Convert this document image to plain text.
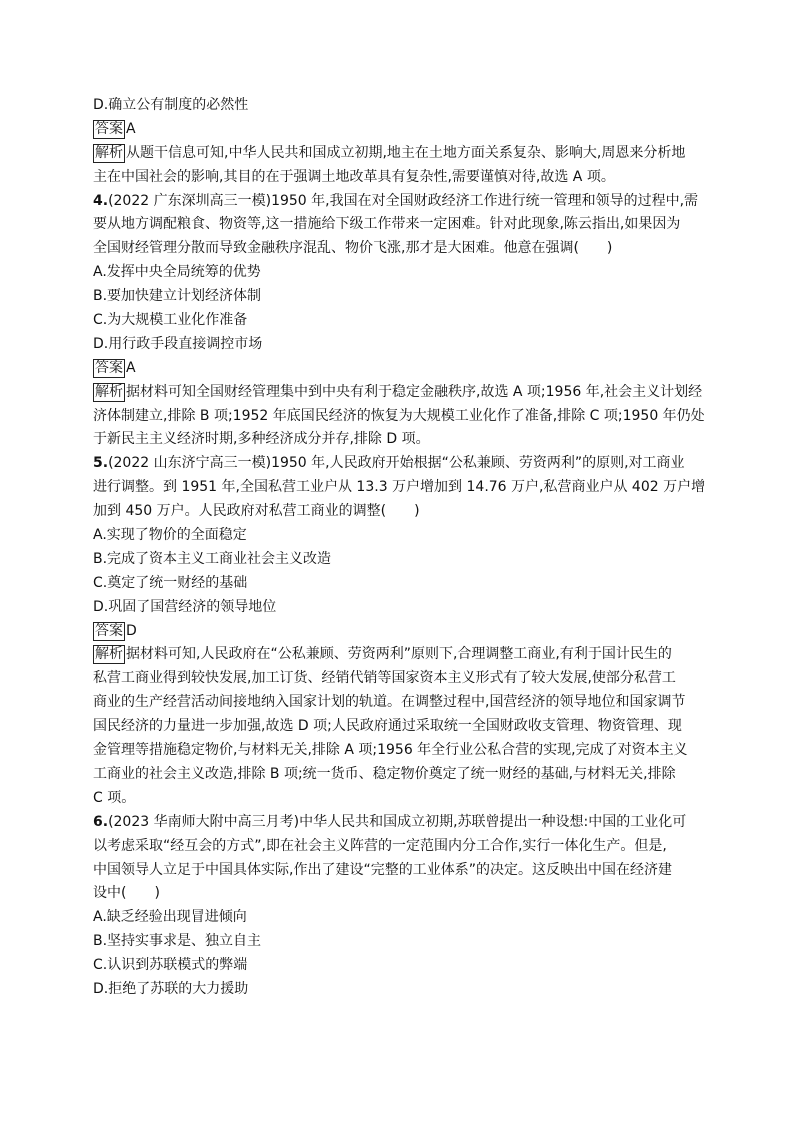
D.确立公有制度的必然性
答案 A
解析 从题干信息可知,中华人民共和国成立初期,地主在土地方面关系复杂、影响大,周恩来分析地
主在中国社会的影响,其目的在于强调土地改革具有复杂性,需要谨慎对待,故选 A 项。
4.(2022 广东深圳高三一模)1950 年,我国在对全国财政经济工作进行统一管理和领导的过程中,需
要从地方调配粮食、物资等,这一措施给下级工作带来一定困难。针对此现象,陈云指出,如果因为
全国财经管理分散而导致金融秩序混乱、物价飞涨,那才是大困难。他意在强调(　　)
A.发挥中央全局统筹的优势
B.要加快建立计划经济体制
C.为大规模工业化作准备
D.用行政手段直接调控市场
答案 A
解析 据材料可知全国财经管理集中到中央有利于稳定金融秩序,故选 A 项;1956 年,社会主义计划经
济体制建立,排除 B 项;1952 年底国民经济的恢复为大规模工业化作了准备,排除 C 项;1950 年仍处
于新民主主义经济时期,多种经济成分并存,排除 D 项。
5.(2022 山东济宁高三一模)1950 年,人民政府开始根据“公私兼顾、劳资两利”的原则,对工商业
进行调整。到 1951 年,全国私营工业户从 13.3 万户增加到 14.76 万户,私营商业户从 402 万户增
加到 450 万户。人民政府对私营工商业的调整(　　)
A.实现了物价的全面稳定
B.完成了资本主义工商业社会主义改造
C.奠定了统一财经的基础
D.巩固了国营经济的领导地位
答案 D
解析 据材料可知,人民政府在“公私兼顾、劳资两利”原则下,合理调整工商业,有利于国计民生的
私营工商业得到较快发展,加工订货、经销代销等国家资本主义形式有了较大发展,使部分私营工
商业的生产经营活动间接地纳入国家计划的轨道。在调整过程中,国营经济的领导地位和国家调节
国民经济的力量进一步加强,故选 D 项;人民政府通过采取统一全国财政收支管理、物资管理、现
金管理等措施稳定物价,与材料无关,排除 A 项;1956 年全行业公私合营的实现,完成了对资本主义
工商业的社会主义改造,排除 B 项;统一货币、稳定物价奠定了统一财经的基础,与材料无关,排除
C 项。
6.(2023 华南师大附中高三月考)中华人民共和国成立初期,苏联曾提出一种设想:中国的工业化可
以考虑采取“经互会的方式”,即在社会主义阵营的一定范围内分工合作,实行一体化生产。但是,
中国领导人立足于中国具体实际,作出了建设“完整的工业体系”的决定。这反映出中国在经济建
设中(　　)
A.缺乏经验出现冒进倾向
B.坚持实事求是、独立自主
C.认识到苏联模式的弊端
D.拒绝了苏联的大力援助
